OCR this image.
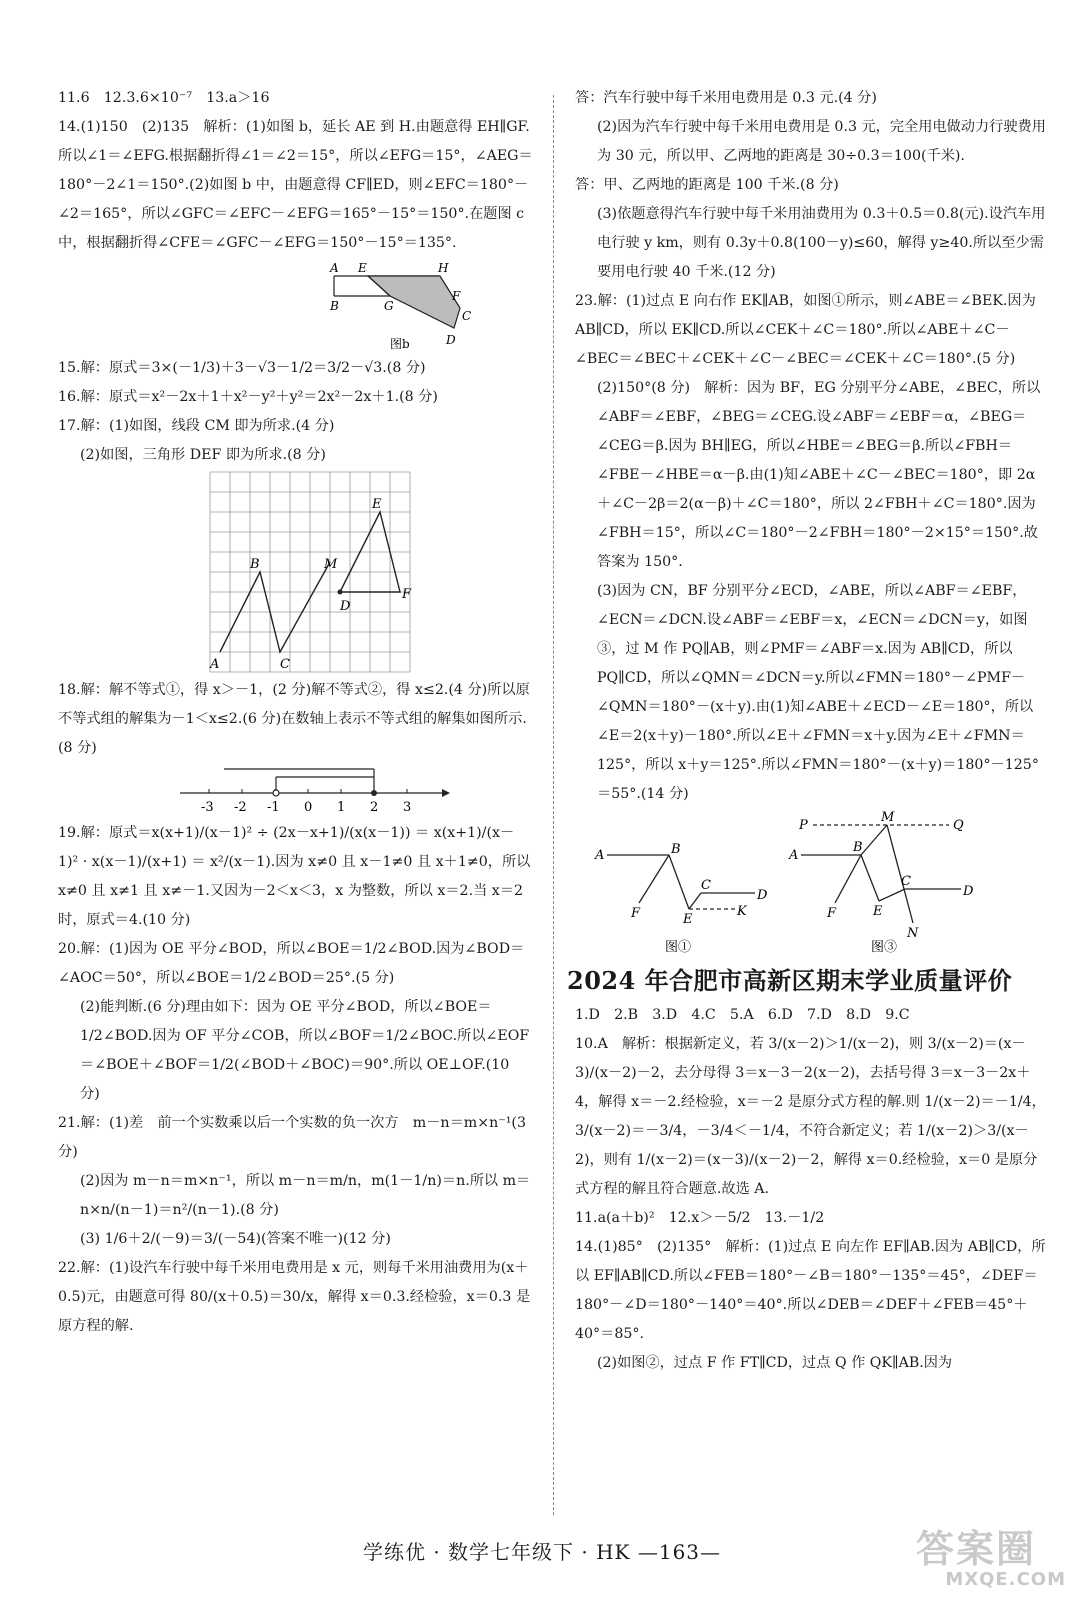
11.6　12.3.6×10⁻⁷　13.a＞16
14.(1)150　(2)135　解析：(1)如图 b，延长 AE 到 H.由题意得 EH∥GF.所以∠1＝∠EFG.根据翻折得∠1＝∠2＝15°，所以∠EFG＝15°，∠AEG＝180°－2∠1＝150°.(2)如图 b 中，由题意得 CF∥ED，则∠EFC＝180°－∠2＝165°，所以∠GFC＝∠EFC－∠EFG＝165°－15°＝150°.在题图 c 中，根据翻折得∠CFE＝∠GFC－∠EFG＝150°－15°＝135°.
A E	H
F
C
D
B	G
图b
15.解：原式＝3×(－1/3)＋3－√3－1/2＝3/2－√3.(8 分)
16.解：原式＝x²－2x＋1＋x²－y²＋y²＝2x²－2x＋1.(8 分)
17.解：(1)如图，线段 CM 即为所求.(4 分)
(2)如图，三角形 DEF 即为所求.(8 分)
E
B	M
D
F
A	C
18.解：解不等式①，得 x＞－1，(2 分)解不等式②，得 x≤2.(4 分)所以原不等式组的解集为－1＜x≤2.(6 分)在数轴上表示不等式组的解集如图所示.(8 分)
-3 -2 -1 0 1 2 3
19.解：原式＝x(x+1)/(x－1)² ÷ (2x－x+1)/(x(x－1)) ＝ x(x+1)/(x－1)² · x(x－1)/(x+1) ＝ x²/(x－1).因为 x≠0 且 x－1≠0 且 x＋1≠0，所以 x≠0 且 x≠1 且 x≠－1.又因为－2＜x＜3，x 为整数，所以 x＝2.当 x＝2 时，原式＝4.(10 分)
20.解：(1)因为 OE 平分∠BOD，所以∠BOE＝1/2∠BOD.因为∠BOD＝∠AOC＝50°，所以∠BOE＝1/2∠BOD＝25°.(5 分)
(2)能判断.(6 分)理由如下：因为 OE 平分∠BOD，所以∠BOE＝1/2∠BOD.因为 OF 平分∠COB，所以∠BOF＝1/2∠BOC.所以∠EOF＝∠BOE＋∠BOF＝1/2(∠BOD＋∠BOC)＝90°.所以 OE⊥OF.(10 分)
21.解：(1)差　前一个实数乘以后一个实数的负一次方　m－n＝m×n⁻¹(3 分)
(2)因为 m－n＝m×n⁻¹，所以 m－n＝m/n，m(1－1/n)＝n.所以 m＝n×n/(n－1)＝n²/(n－1).(8 分)
(3) 1/6＋2/(－9)＝3/(－54)(答案不唯一)(12 分)
22.解：(1)设汽车行驶中每千米用电费用是 x 元，则每千米用油费用为(x＋0.5)元，由题意可得 80/(x＋0.5)＝30/x，解得 x＝0.3.经检验，x＝0.3 是原方程的解.
答：汽车行驶中每千米用电费用是 0.3 元.(4 分)
(2)因为汽车行驶中每千米用电费用是 0.3 元，完全用电做动力行驶费用为 30 元，所以甲、乙两地的距离是 30÷0.3＝100(千米).
答：甲、乙两地的距离是 100 千米.(8 分)
(3)依题意得汽车行驶中每千米用油费用为 0.3＋0.5＝0.8(元).设汽车用电行驶 y km，则有 0.3y＋0.8(100－y)≤60，解得 y≥40.所以至少需要用电行驶 40 千米.(12 分)
23.解：(1)过点 E 向右作 EK∥AB，如图①所示，则∠ABE＝∠BEK.因为 AB∥CD，所以 EK∥CD.所以∠CEK＋∠C＝180°.所以∠ABE＋∠C－∠BEC＝∠BEC＋∠CEK＋∠C－∠BEC＝∠CEK＋∠C＝180°.(5 分)
(2)150°(8 分)　解析：因为 BF，EG 分别平分∠ABE，∠BEC，所以∠ABF＝∠EBF，∠BEG＝∠CEG.设∠ABF＝∠EBF＝α，∠BEG＝∠CEG＝β.因为 BH∥EG，所以∠HBE＝∠BEG＝β.所以∠FBH＝∠FBE－∠HBE＝α－β.由(1)知∠ABE＋∠C－∠BEC＝180°，即 2α＋∠C－2β＝2(α－β)＋∠C＝180°，所以 2∠FBH＋∠C＝180°.因为∠FBH＝15°，所以∠C＝180°－2∠FBH＝180°－2×15°＝150°.故答案为 150°.
(3)因为 CN，BF 分别平分∠ECD，∠ABE，所以∠ABF＝∠EBF，∠ECN＝∠DCN.设∠ABF＝∠EBF＝x，∠ECN＝∠DCN＝y，如图③，过 M 作 PQ∥AB，则∠PMF＝∠ABF＝x.因为 AB∥CD，所以 PQ∥CD，所以∠QMN＝∠DCN＝y.所以∠FMN＝180°－∠PMF－∠QMN＝180°－(x＋y).由(1)知∠ABE＋∠ECD－∠E＝180°，所以∠E＝2(x＋y)－180°.所以∠E＋∠FMN＝x＋y.因为∠E＋∠FMN＝125°，所以 x＋y＝125°.所以∠FMN＝180°－(x＋y)＝180°－125°＝55°.(14 分)
A	B
F	E
C
D
K
图①
P
M
Q
A
B
F	E
C
D
N
图③
2024 年合肥市高新区期末学业质量评价
1.D　2.B　3.D　4.C　5.A　6.D　7.D　8.D　9.C
10.A　解析：根据新定义，若 3/(x－2)＞1/(x－2)，则 3/(x－2)＝(x－3)/(x－2)－2，去分母得 3＝x－3－2(x－2)，去括号得 3＝x－3－2x＋4，解得 x＝－2.经检验，x＝－2 是原分式方程的解.则 1/(x－2)＝－1/4，3/(x－2)＝－3/4，－3/4＜－1/4，不符合新定义；若 1/(x－2)＞3/(x－2)，则有 1/(x－2)＝(x－3)/(x－2)－2，解得 x＝0.经检验，x＝0 是原分式方程的解且符合题意.故选 A.
11.a(a＋b)²　12.x＞－5/2　13.－1/2
14.(1)85°　(2)135°　解析：(1)过点 E 向左作 EF∥AB.因为 AB∥CD，所以 EF∥AB∥CD.所以∠FEB＝180°－∠B＝180°－135°＝45°，∠DEF＝180°－∠D＝180°－140°＝40°.所以∠DEB＝∠DEF＋∠FEB＝45°＋40°＝85°.
(2)如图②，过点 F 作 FT∥CD，过点 Q 作 QK∥AB.因为
学练优 · 数学七年级下 · HK —163—	答案圈
MXQE.COM
